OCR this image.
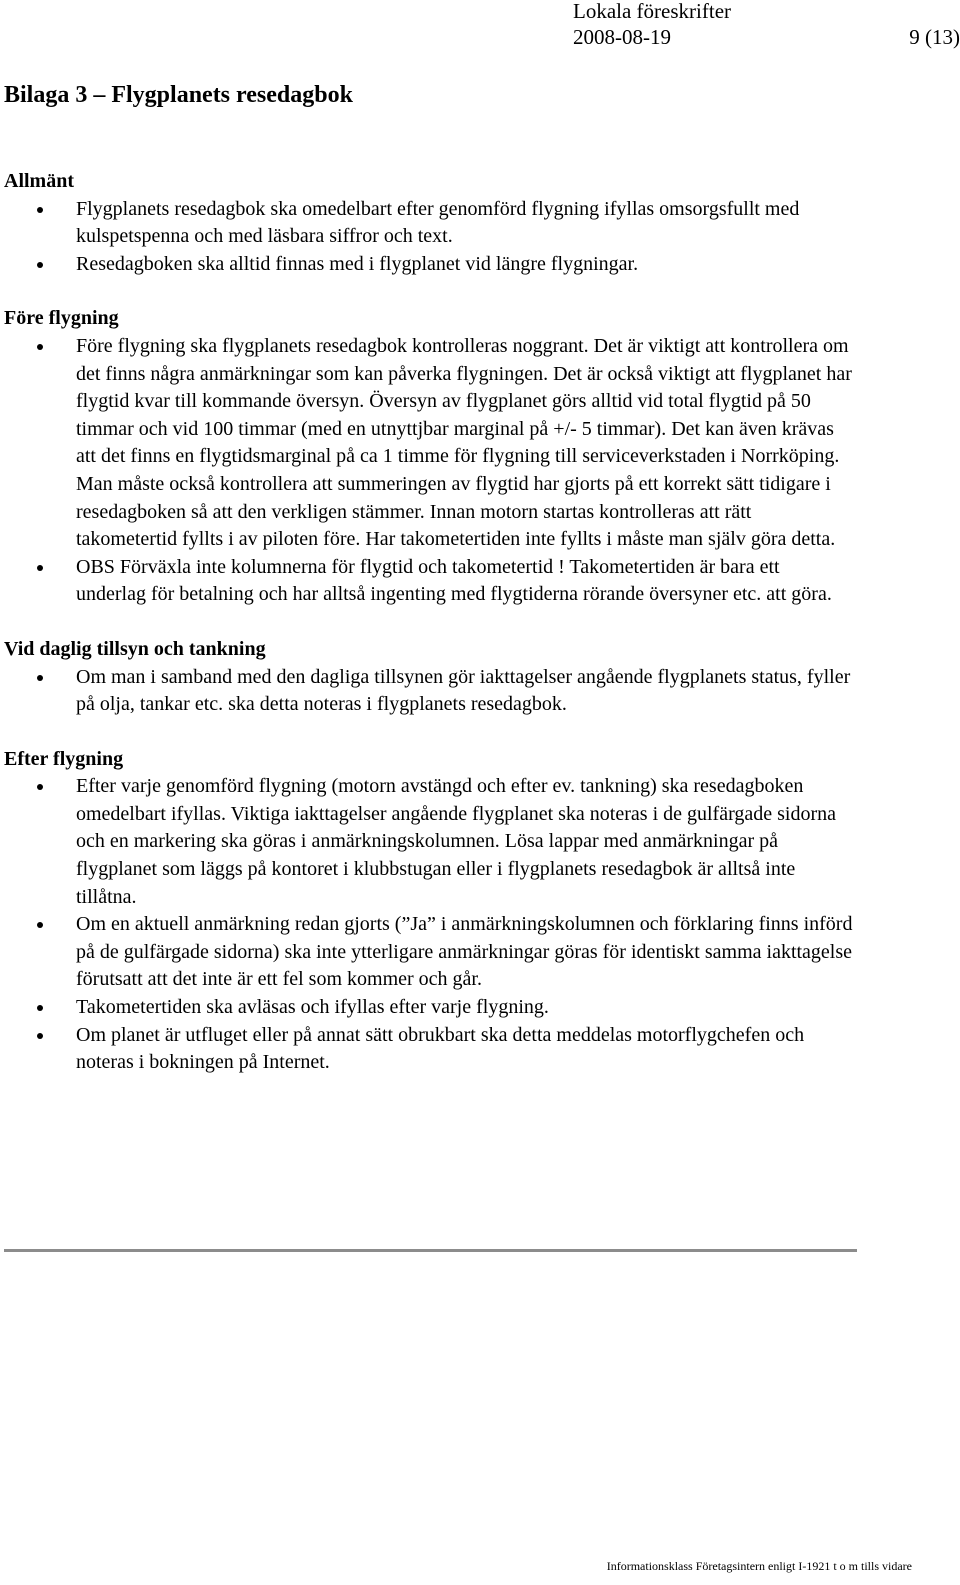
Lokala föreskrifter
2008-08-19	9 (13)
Bilaga 3 – Flygplanets resedagbok
Allmänt
Flygplanets resedagbok ska omedelbart efter genomförd flygning ifyllas omsorgsfullt med kulspetspenna och med läsbara siffror och text.
Resedagboken ska alltid finnas med i flygplanet vid längre flygningar.
Före flygning
Före flygning ska flygplanets resedagbok kontrolleras noggrant. Det är viktigt att kontrollera om det finns några anmärkningar som kan påverka flygningen. Det är också viktigt att flygplanet har flygtid kvar till kommande översyn. Översyn av flygplanet görs alltid vid total flygtid på 50 timmar och vid 100 timmar (med en utnyttjbar marginal på +/- 5 timmar). Det kan även krävas att det finns en flygtidsmarginal på ca 1 timme för flygning till serviceverkstaden i Norrköping. Man måste också kontrollera att summeringen av flygtid har gjorts på ett korrekt sätt tidigare i resedagboken så att den verkligen stämmer. Innan motorn startas kontrolleras att rätt takometertid fyllts i av piloten före. Har takometertiden inte fyllts i måste man själv göra detta.
OBS Förväxla inte kolumnerna för flygtid och takometertid ! Takometertiden är bara ett underlag för betalning och har alltså ingenting med flygtiderna rörande översyner etc. att göra.
Vid daglig tillsyn och tankning
Om man i samband med den dagliga tillsynen gör iakttagelser angående flygplanets status, fyller på olja, tankar etc. ska detta noteras i flygplanets resedagbok.
Efter flygning
Efter varje genomförd flygning (motorn avstängd och efter ev. tankning) ska resedagboken omedelbart ifyllas. Viktiga iakttagelser angående flygplanet ska noteras i de gulfärgade sidorna och en markering ska göras i anmärkningskolumnen. Lösa lappar med anmärkningar på flygplanet som läggs på kontoret i klubbstugan eller i flygplanets resedagbok är alltså inte tillåtna.
Om en aktuell anmärkning redan gjorts (”Ja” i anmärkningskolumnen och förklaring finns införd på de gulfärgade sidorna) ska inte ytterligare anmärkningar göras för identiskt samma iakttagelse förutsatt att det inte är ett fel som kommer och går.
Takometertiden ska avläsas och ifyllas efter varje flygning.
Om planet är utfluget eller på annat sätt obrukbart ska detta meddelas motorflygchefen och noteras i bokningen på Internet.
Informationsklass Företagsintern enligt I-1921 t o m tills vidare
